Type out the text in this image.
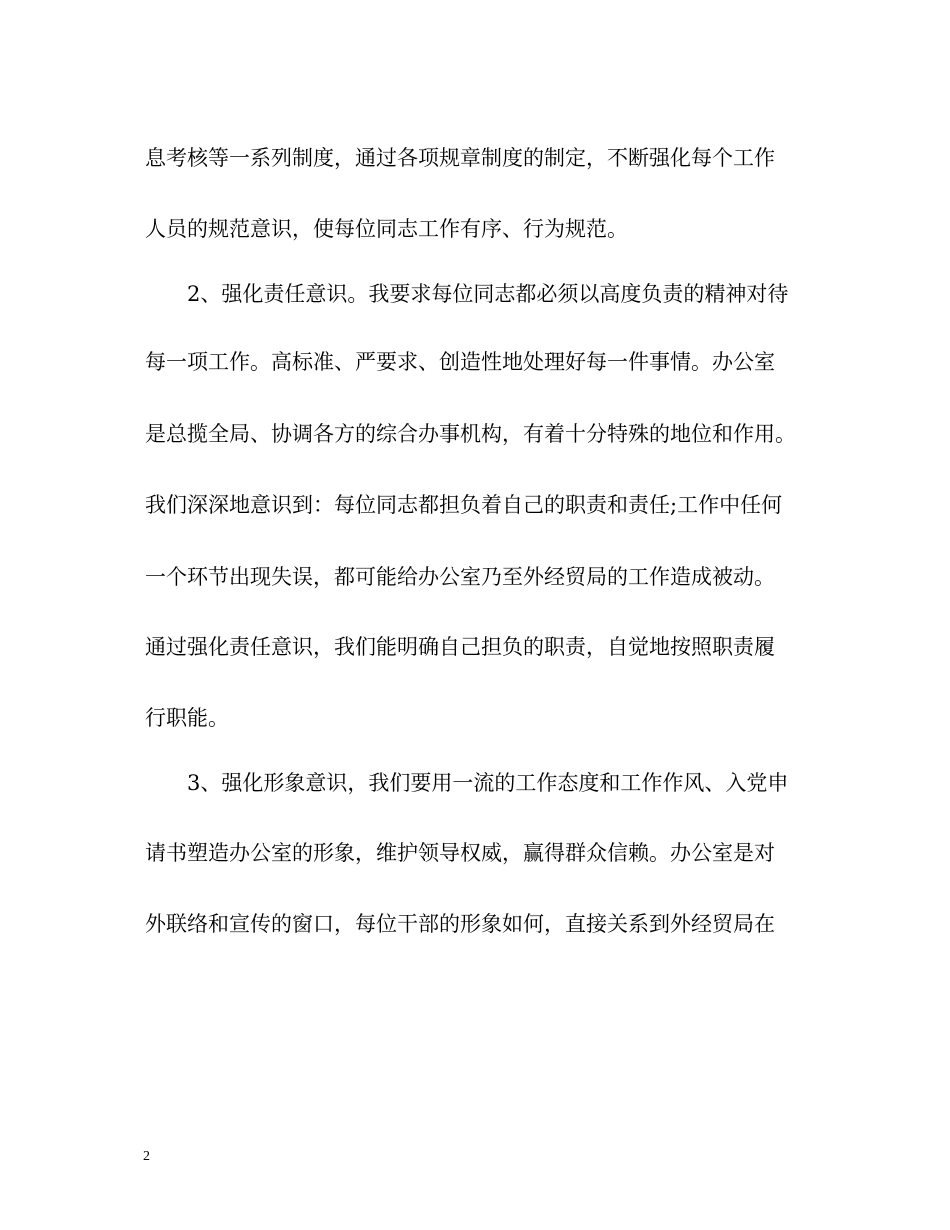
息考核等一系列制度，通过各项规章制度的制定，不断强化每个工作
人员的规范意识，使每位同志工作有序、行为规范。
2、强化责任意识。我要求每位同志都必须以高度负责的精神对待
每一项工作。高标准、严要求、创造性地处理好每一件事情。办公室
是总揽全局、协调各方的综合办事机构，有着十分特殊的地位和作用。
我们深深地意识到：每位同志都担负着自己的职责和责任;工作中任何
一个环节出现失误，都可能给办公室乃至外经贸局的工作造成被动。
通过强化责任意识，我们能明确自己担负的职责，自觉地按照职责履
行职能。
3、强化形象意识，我们要用一流的工作态度和工作作风、入党申
请书塑造办公室的形象，维护领导权威，赢得群众信赖。办公室是对
外联络和宣传的窗口，每位干部的形象如何，直接关系到外经贸局在
2
